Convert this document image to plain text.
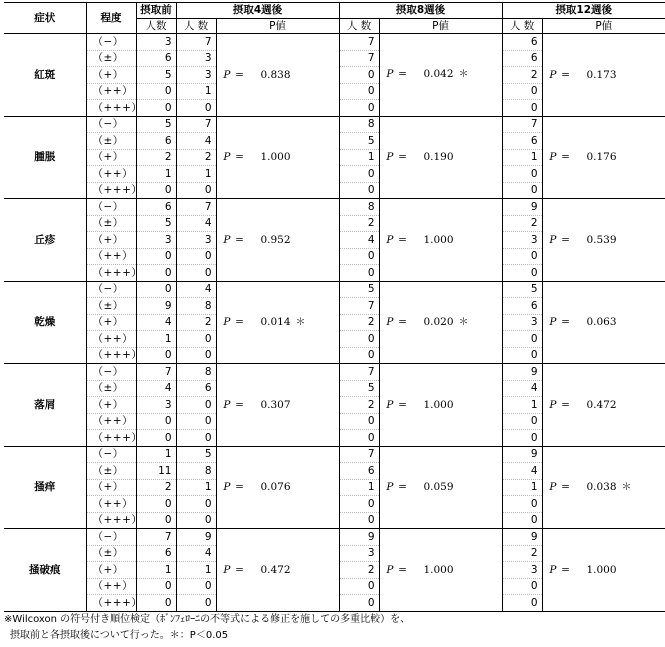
症状	程度	摂取前	摂取4週後		摂取8週後		摂取12週後	
		人数	人 数	P値	人 数	P値	人 数	P値
紅斑	（−）	3	7	P = 0.838	7	P = 0.042 ＊	6	P = 0.173
	（±）	6	3		7		6	
	（+）	5	3		0		2	
	（++）	0	1		0		0	
	（+++）	0	0		0		0	
腫脹	（−）	5	7	P = 1.000	8	P = 0.190	7	P = 0.176
	（±）	6	4		5		6	
	（+）	2	2		1		1	
	（++）	1	1		0		0	
	（+++）	0	0		0		0	
丘疹	（−）	6	7	P = 0.952	8	P = 1.000	9	P = 0.539
	（±）	5	4		2		2	
	（+）	3	3		4		3	
	（++）	0	0		0		0	
	（+++）	0	0		0		0	
乾燥	（−）	0	4	P = 0.014 ＊	5	P = 0.020 ＊	5	P = 0.063
	（±）	9	8		7		6	
	（+）	4	2		2		3	
	（++）	1	0		0		0	
	（+++）	0	0		0		0	
落屑	（−）	7	8	P = 0.307	7	P = 1.000	9	P = 0.472
	（±）	4	6		5		4	
	（+）	3	0		2		1	
	（++）	0	0		0		0	
	（+++）	0	0		0		0	
掻痒	（−）	1	5	P = 0.076	7	P = 0.059	9	P = 0.038 ＊
	（±）	11	8		6		4	
	（+）	2	1		1		1	
	（++）	0	0		0		0	
	（+++）	0	0		0		0	
掻破痕	（−）	7	9	P = 0.472	9	P = 1.000	9	P = 1.000
	（±）	6	4		3		2	
	（+）	1	1		2		3	
	（++）	0	0		0		0	
	（+++）	0	0		0		0	
※Wilcoxon の符号付き順位検定（ﾎﾞﾝﾌｪﾛｰﾆの不等式による修正を施しての多重比較）を、
摂取前と各摂取後について行った。＊：P＜0.05
